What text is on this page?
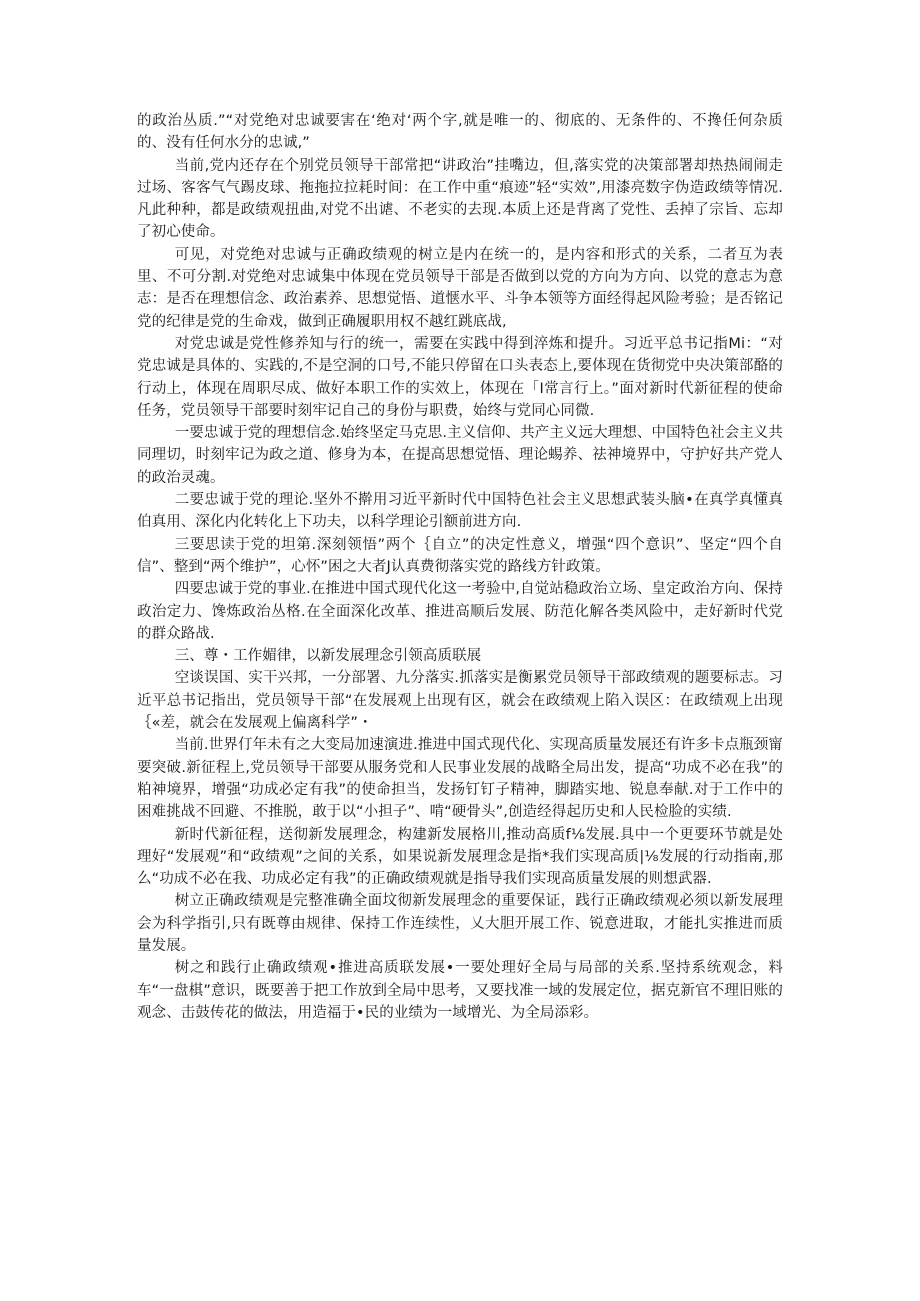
的政治丛质.”“对党绝对忠诚要害在‘绝对‘两个字,就是唯一的、彻底的、无条件的、不搀任何杂质的、没有任何水分的忠诚,”

当前,党内还存在个别党员领导干部常把“讲政治”挂嘴边，但,落实党的决策部署却热热闹闹走过场、客客气气踢皮球、拖拖拉拉耗时间：在工作中重“痕迹”轻“实效”,用漆亮数字伪造政绩等情况.凡此种种，都是政绩观扭曲,对党不出谑、不老实的去现.本质上还是背离了党性、丢掉了宗旨、忘却了初心使命。

可见，对党绝对忠诚与正确政绩观的树立是内在统一的，是内容和形式的关系，二者互为表里、不可分割.对党绝对忠诚集中体现在党员领导干部是否做到以党的方向为方向、以党的意志为意志：是否在理想信念、政治素养、思想觉悟、道惬水平、斗争本领等方面经得起风险考验；是否铭记党的纪律是党的生命戏，做到正确履职用权不越红跳底战,

对党忠诚是党性修养知与行的统一，需要在实践中得到淬炼和提升。习近平总书记指Mi：“对党忠诚是具体的、实践的,不是空洞的口号,不能只停留在口头表态上,要体现在货彻党中央决策部酪的行动上，体现在周职尽成、做好本职工作的实效上，体现在「I常言行上。”面对新时代新征程的使命任务，党员领导干部要时刻牢记自己的身份与职费，始终与党同心同微.

一要忠诚于党的理想信念.始终坚定马克思.主义信仰、共产主义远大理想、中国特色社会主义共同理切，时刻牢记为政之道、修身为本，在提高思想觉悟、理论蜴养、祛神境界中，守护好共产党人的政治灵魂。

二要忠诚于党的理论.坚外不擀用习近平新时代中国特色社会主义思想武装头脑•在真学真懂真伯真用、深化内化转化上下功夫，以科学理论引额前进方向.

三要思读于党的坦第.深刻领悟”两个｛自立”的决定性意义，增强“四个意识”、坚定“四个自信”、整到“两个维护”，心怀”困之大者J认真费彻落实党的路线方针政策。

四要忠诚于党的事业.在推进中国式现代化这一考验中,自觉站稳政治立场、皇定政治方向、保持政治定力、馋炼政治丛格.在全面深化改革、推进高顺后发展、防范化解各类风险中，走好新时代党的群众路战.

三、尊・工作媚律，以新发展理念引领高质联展

空谈误国、实干兴邦，一分部署、九分落实.抓落实是衡累党员领导干部政绩观的题要标志。习近平总书记指出，党员领导干部“在发展观上出现有区，就会在政绩观上陷入误区：在政绩观上出现｛«差，就会在发展观上偏离科学”・

当前.世界仃年未有之大变局加速演进.推进中国式现代化、实现高质量发展还有许多卡点瓶颈甯要突破.新征程上,党员领导干部要从服务党和人民事业发展的战略全局出发，提高“功成不必在我”的粕神境界，增强“功成必定有我”的使命担当，发扬钉钉子精神，脚踏实地、锐息奉献.对于工作中的困难挑战不回避、不推脱，敢于以“小担子”、啃“硬骨头”,创造经得起历史和人民检脸的实绩.

新时代新征程，送彻新发展理念，构建新发展格川,推动高质f⅛发展.具中一个更要环节就是处理好“发展观”和“政绩观”之间的关系，如果说新发展理念是指*我们实现高质|⅛发展的行动指南,那么“功成不必在我、功成必定有我”的正确政绩观就是指导我们实现高质量发展的则想武器.

树立正确政绩观是完整准确全面坟彻新发展理念的重要保证，践行正确政绩观必须以新发展理会为科学指引,只有既尊由规律、保持工作连续性，乂大胆开展工作、锐意进取，才能扎实推进而质量发展。

树之和践行止确政绩观•推进高质联发展•一要处理好全局与局部的关系.坚持系统观念，料车“一盘棋”意识，既要善于把工作放到全局中思考，又要找准一域的发展定位，据克新官不理旧账的观念、击鼓传花的做法，用造福于•民的业绩为一域增光、为全局添彩。
